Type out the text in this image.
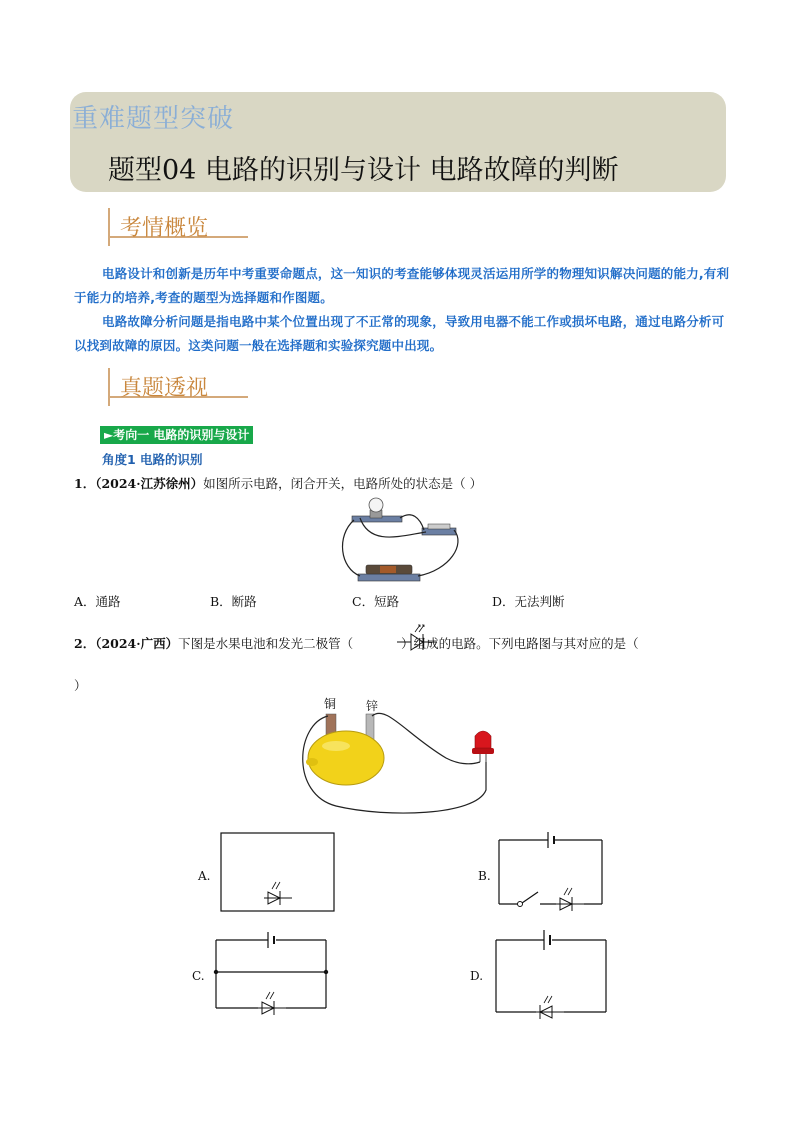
重难题型突破
题型04 电路的识别与设计 电路故障的判断
考情概览
电路设计和创新是历年中考重要命题点，这一知识的考查能够体现灵活运用所学的物理知识解决问题的能力,有利于能力的培养,考查的题型为选择题和作图题。
电路故障分析问题是指电路中某个位置出现了不正常的现象，导致用电器不能工作或损坏电路，通过电路分析可以找到故障的原因。这类问题一般在选择题和实验探究题中出现。
真题透视
►考向一 电路的识别与设计
角度1 电路的识别
1．（2024·江苏徐州）如图所示电路，闭合开关，电路所处的状态是（ ）
A．通路	B．断路	C．短路	D．无法判断
2．（2024·广西）下图是水果电池和发光二极管（	）组成的电路。下列电路图与其对应的是（
）
铜 锌
A.	B.
C.	D.
